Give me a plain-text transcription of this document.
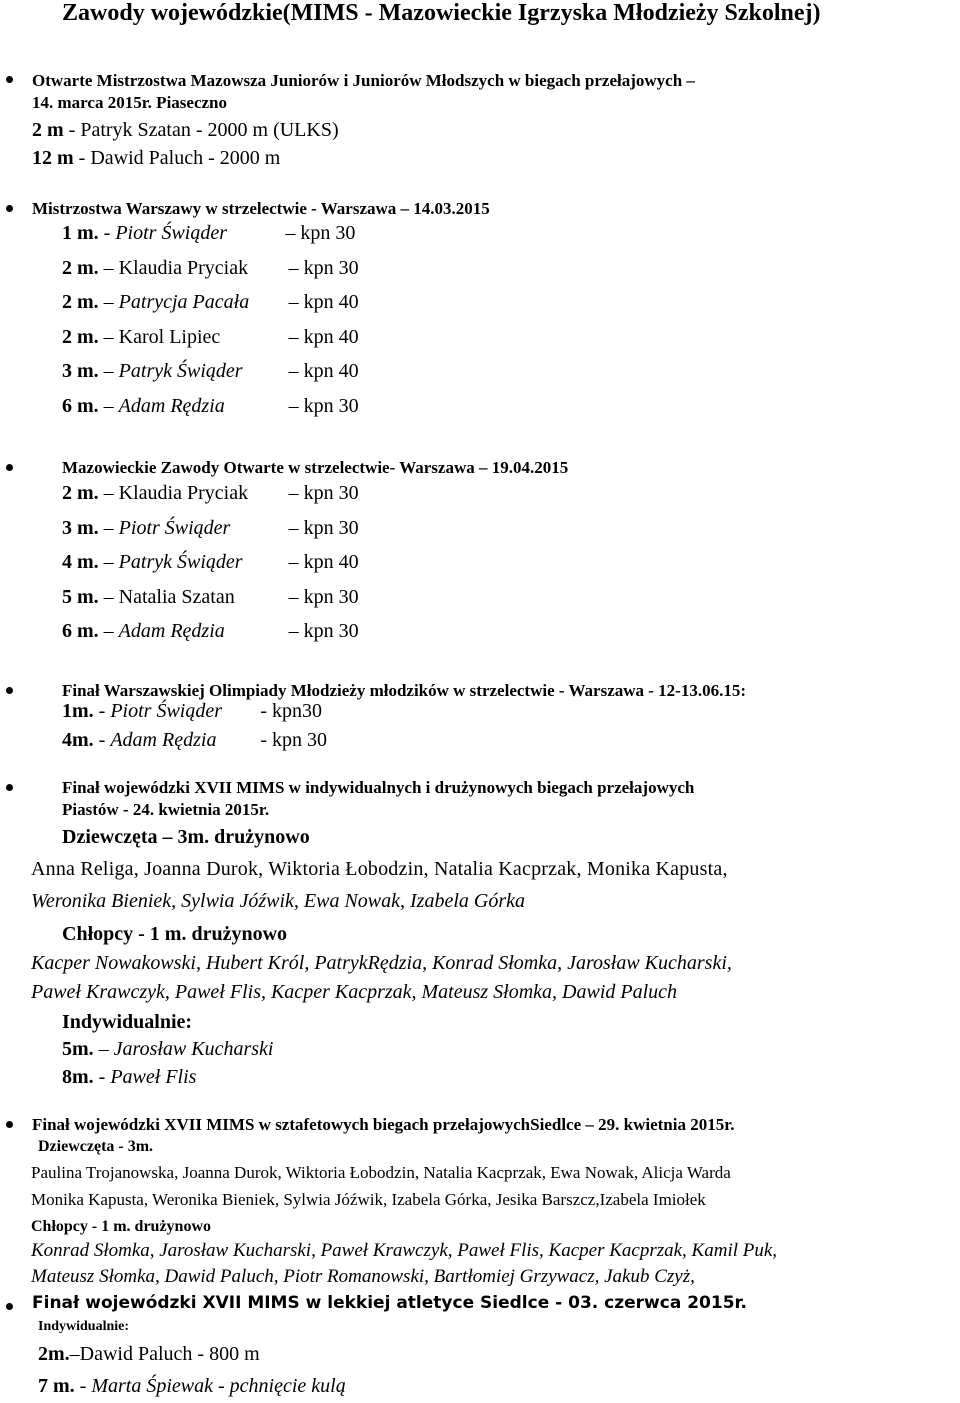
Zawody wojewódzkie(MIMS - Mazowieckie Igrzyska Młodzieży Szkolnej)
Otwarte Mistrzostwa Mazowsza Juniorów i Juniorów Młodszych w biegach przełajowych –
14. marca 2015r. Piaseczno
2 m - Patryk Szatan - 2000 m (ULKS)
12 m - Dawid Paluch - 2000 m
Mistrzostwa Warszawy w strzelectwie - Warszawa – 14.03.2015
1 m. - Piotr Świąder	– kpn 30
2 m. – Klaudia Pryciak – kpn 30
2 m. – Patrycja Pacała – kpn 40
2 m. – Karol Lipiec	– kpn 40
3 m. – Patryk Świąder – kpn 40
6 m. – Adam Rędzia	– kpn 30
Mazowieckie Zawody Otwarte w strzelectwie- Warszawa – 19.04.2015
2 m. – Klaudia Pryciak – kpn 30
3 m. – Piotr Świąder	– kpn 30
4 m. – Patryk Świąder – kpn 40
5 m. – Natalia Szatan	– kpn 30
6 m. – Adam Rędzia	– kpn 30
Finał Warszawskiej Olimpiady Młodzieży młodzików w strzelectwie - Warszawa - 12-13.06.15:
1m. - Piotr Świąder - kpn30
4m. - Adam Rędzia - kpn 30
Finał wojewódzki XVII MIMS w indywidualnych i drużynowych biegach przełajowych
Piastów - 24. kwietnia 2015r.
Dziewczęta – 3m. drużynowo
Anna Religa, Joanna Durok, Wiktoria Łobodzin, Natalia Kacprzak, Monika Kapusta,
Weronika Bieniek, Sylwia Jóźwik, Ewa Nowak, Izabela Górka
Chłopcy - 1 m. drużynowo
Kacper Nowakowski, Hubert Król, PatrykRędzia, Konrad Słomka, Jarosław Kucharski,
Paweł Krawczyk, Paweł Flis, Kacper Kacprzak, Mateusz Słomka, Dawid Paluch
Indywidualnie:
5m. – Jarosław Kucharski
8m. - Paweł Flis
Finał wojewódzki XVII MIMS w sztafetowych biegach przełajowychSiedlce – 29. kwietnia 2015r.
Dziewczęta - 3m.
Paulina Trojanowska, Joanna Durok, Wiktoria Łobodzin, Natalia Kacprzak, Ewa Nowak, Alicja Warda
Monika Kapusta, Weronika Bieniek, Sylwia Jóźwik, Izabela Górka, Jesika Barszcz,Izabela Imiołek
Chłopcy - 1 m. drużynowo
Konrad Słomka, Jarosław Kucharski, Paweł Krawczyk, Paweł Flis, Kacper Kacprzak, Kamil Puk,
Mateusz Słomka, Dawid Paluch, Piotr Romanowski, Bartłomiej Grzywacz, Jakub Czyż,
Finał wojewódzki XVII MIMS w lekkiej atletyce Siedlce - 03. czerwca 2015r.
Indywidualnie:
2m.–Dawid Paluch - 800 m
7 m. - Marta Śpiewak - pchnięcie kulą
